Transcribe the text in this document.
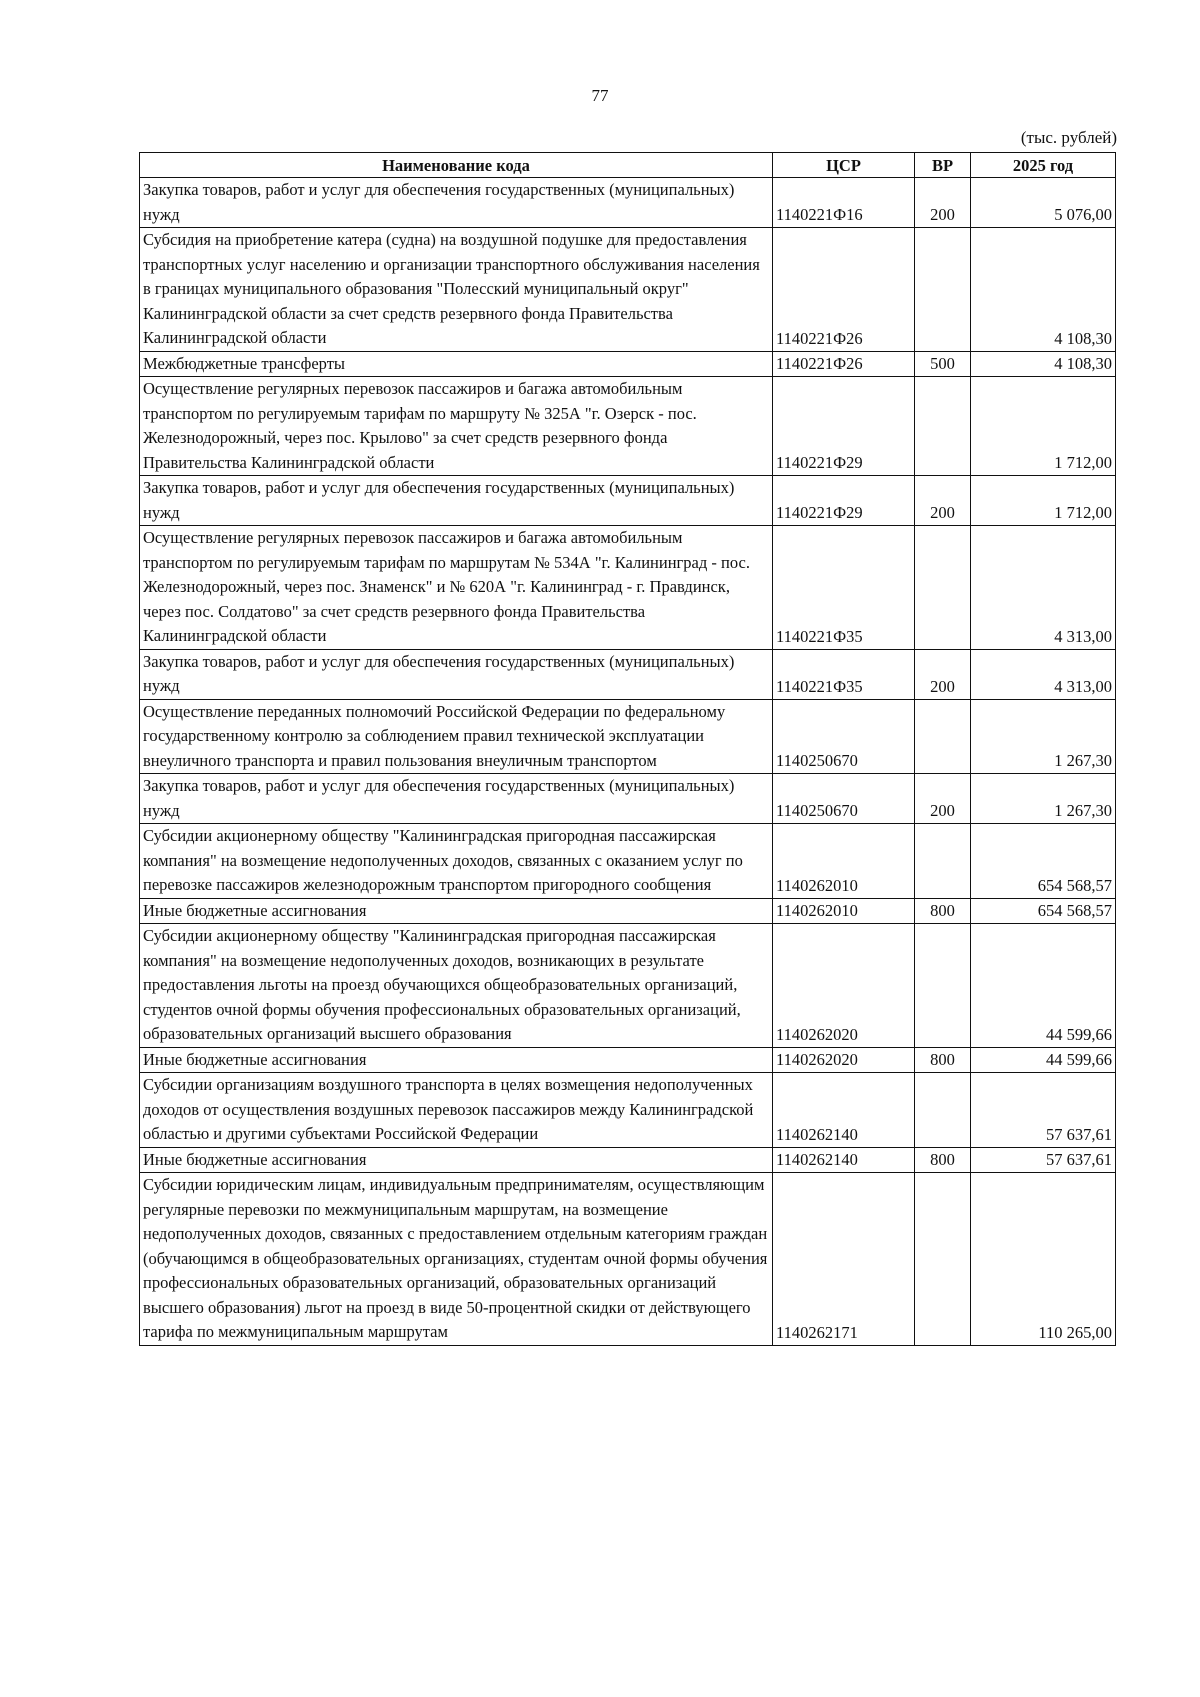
77
(тыс. рублей)
Наименование кода	ЦСР	ВР	2025 год
Закупка товаров, работ и услуг для обеспечения государственных (муниципальных) нужд	1140221Ф16	200	5 076,00
Субсидия на приобретение катера (судна) на воздушной подушке для предоставления транспортных услуг населению и организации транспортного обслуживания населения в границах муниципального образования "Полесский муниципальный округ" Калининградской области за счет средств резервного фонда Правительства Калининградской области	1140221Ф26		4 108,30
Межбюджетные трансферты	1140221Ф26	500	4 108,30
Осуществление регулярных перевозок пассажиров и багажа автомобильным транспортом по регулируемым тарифам по маршруту № 325А "г. Озерск - пос. Железнодорожный, через пос. Крылово" за счет средств резервного фонда Правительства Калининградской области	1140221Ф29		1 712,00
Закупка товаров, работ и услуг для обеспечения государственных (муниципальных) нужд	1140221Ф29	200	1 712,00
Осуществление регулярных перевозок пассажиров и багажа автомобильным транспортом по регулируемым тарифам по маршрутам № 534А "г. Калининград - пос. Железнодорожный, через пос. Знаменск" и № 620А "г. Калининград - г. Правдинск, через пос. Солдатово" за счет средств резервного фонда Правительства Калининградской области	1140221Ф35		4 313,00
Закупка товаров, работ и услуг для обеспечения государственных (муниципальных) нужд	1140221Ф35	200	4 313,00
Осуществление переданных полномочий Российской Федерации по федеральному государственному контролю за соблюдением правил технической эксплуатации внеуличного транспорта и правил пользования внеуличным транспортом	1140250670		1 267,30
Закупка товаров, работ и услуг для обеспечения государственных (муниципальных) нужд	1140250670	200	1 267,30
Субсидии акционерному обществу "Калининградская пригородная пассажирская компания" на возмещение недополученных доходов, связанных с оказанием услуг по перевозке пассажиров железнодорожным транспортом пригородного сообщения	1140262010		654 568,57
Иные бюджетные ассигнования	1140262010	800	654 568,57
Субсидии акционерному обществу "Калининградская пригородная пассажирская компания" на возмещение недополученных доходов, возникающих в результате предоставления льготы на проезд обучающихся общеобразовательных организаций, студентов очной формы обучения профессиональных образовательных организаций, образовательных организаций высшего образования	1140262020		44 599,66
Иные бюджетные ассигнования	1140262020	800	44 599,66
Субсидии организациям воздушного транспорта в целях возмещения недополученных доходов от осуществления воздушных перевозок пассажиров между Калининградской областью и другими субъектами Российской Федерации	1140262140		57 637,61
Иные бюджетные ассигнования	1140262140	800	57 637,61
Субсидии юридическим лицам, индивидуальным предпринимателям, осуществляющим регулярные перевозки по межмуниципальным маршрутам, на возмещение недополученных доходов, связанных с предоставлением отдельным категориям граждан (обучающимся в общеобразовательных организациях, студентам очной формы обучения профессиональных образовательных организаций, образовательных организаций высшего образования) льгот на проезд в виде 50-процентной скидки от действующего тарифа по межмуниципальным маршрутам	1140262171		110 265,00
